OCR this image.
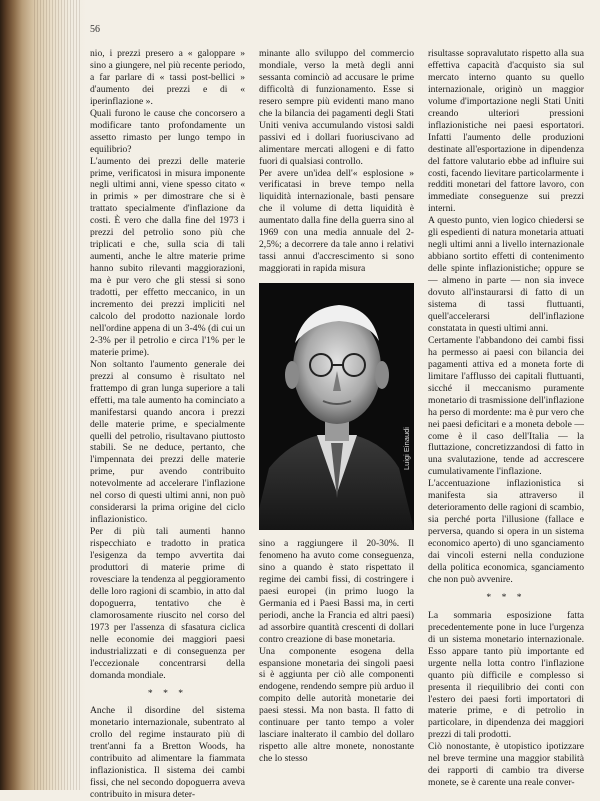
56

nio, i prezzi presero a « galoppare » sino a giungere, nel più recente periodo, a far parlare di « tassi post-bellici » d'aumento dei prezzi e di « iperinflazione ».

Quali furono le cause che concorsero a modificare tanto profondamente un assetto rimasto per lungo tempo in equilibrio?

L'aumento dei prezzi delle materie prime, verificatosi in misura imponente negli ultimi anni, viene spesso citato « in primis » per dimostrare che si è trattato specialmente d'inflazione da costi. È vero che dalla fine del 1973 i prezzi del petrolio sono più che triplicati e che, sulla scia di tali aumenti, anche le altre materie prime hanno subito rilevanti maggiorazioni, ma è pur vero che gli stessi si sono tradotti, per effetto meccanico, in un incremento dei prezzi impliciti nel calcolo del prodotto nazionale lordo nell'ordine appena di un 3-4% (di cui un 2-3% per il petrolio e circa l'1% per le materie prime).

Non soltanto l'aumento generale dei prezzi al consumo è risultato nel frattempo di gran lunga superiore a tali effetti, ma tale aumento ha cominciato a manifestarsi quando ancora i prezzi delle materie prime, e specialmente quelli del petrolio, risultavano piuttosto stabili. Se ne deduce, pertanto, che l'impennata dei prezzi delle materie prime, pur avendo contribuito notevolmente ad accelerare l'inflazione nel corso di questi ultimi anni, non può considerarsi la prima origine del ciclo inflazionistico.

Per di più tali aumenti hanno rispecchiato e tradotto in pratica l'esigenza da tempo avvertita dai produttori di materie prime di rovesciare la tendenza al peggioramento delle loro ragioni di scambio, in atto dal dopoguerra, tentativo che è clamorosamente riuscito nel corso del 1973 per l'assenza di sfasatura ciclica nelle economie dei maggiori paesi industrializzati e di conseguenza per l'eccezionale concentrarsi della domanda mondiale.

* * *

Anche il disordine del sistema monetario internazionale, subentrato al crollo del regime instaurato più di trent'anni fa a Bretton Woods, ha contribuito ad alimentare la fiammata inflazionistica. Il sistema dei cambi fissi, che nel secondo dopoguerra aveva contribuito in misura deter-

minante allo sviluppo del commercio mondiale, verso la metà degli anni sessanta cominciò ad accusare le prime difficoltà di funzionamento. Esse si resero sempre più evidenti mano mano che la bilancia dei pagamenti degli Stati Uniti veniva accumulando vistosi saldi passivi ed i dollari fuoriuscivano ad alimentare mercati allogeni e di fatto fuori di qualsiasi controllo.

Per avere un'idea dell'« esplosione » verificatasi in breve tempo nella liquidità internazionale, basti pensare che il volume di detta liquidità è aumentato dalla fine della guerra sino al 1969 con una media annuale del 2-2,5%; a decorrere da tale anno i relativi tassi annui d'accrescimento si sono maggiorati in rapida misura

Luigi Einaudi

sino a raggiungere il 20-30%. Il fenomeno ha avuto come conseguenza, sino a quando è stato rispettato il regime dei cambi fissi, di costringere i paesi europei (in primo luogo la Germania ed i Paesi Bassi ma, in certi periodi, anche la Francia ed altri paesi) ad assorbire quantità crescenti di dollari contro creazione di base monetaria.

Una componente esogena della espansione monetaria dei singoli paesi si è aggiunta per ciò alle componenti endogene, rendendo sempre più arduo il compito delle autorità monetarie dei paesi stessi. Ma non basta. Il fatto di continuare per tanto tempo a voler lasciare inalterato il cambio del dollaro rispetto alle altre monete, nonostante che lo stesso

risultasse sopravalutato rispetto alla sua effettiva capacità d'acquisto sia sul mercato interno quanto su quello internazionale, originò un maggior volume d'importazione negli Stati Uniti creando ulteriori pressioni inflazionistiche nei paesi esportatori. Infatti l'aumento delle produzioni destinate all'esportazione in dipendenza del fattore valutario ebbe ad influire sui costi, facendo lievitare particolarmente i redditi monetari del fattore lavoro, con immediate conseguenze sui prezzi interni.

A questo punto, vien logico chiedersi se gli espedienti di natura monetaria attuati negli ultimi anni a livello internazionale abbiano sortito effetti di contenimento delle spinte inflazionistiche; oppure se — almeno in parte — non sia invece dovuto all'instaurarsi di fatto di un sistema di tassi fluttuanti, quell'accelerarsi dell'inflazione constatata in questi ultimi anni.

Certamente l'abbandono dei cambi fissi ha permesso ai paesi con bilancia dei pagamenti attiva ed a moneta forte di limitare l'afflusso dei capitali fluttuanti, sicché il meccanismo puramente monetario di trasmissione dell'inflazione ha perso di mordente: ma è pur vero che nei paesi deficitari e a moneta debole — come è il caso dell'Italia — la fluttazione, concretizzandosi di fatto in una svalutazione, tende ad accrescere cumulativamente l'inflazione.

L'accentuazione inflazionistica si manifesta sia attraverso il deterioramento delle ragioni di scambio, sia perché porta l'illusione (fallace e perversa, quando si opera in un sistema economico aperto) di uno sganciamento dai vincoli esterni nella conduzione della politica economica, sganciamento che non può avvenire.

* * *

La sommaria esposizione fatta precedentemente pone in luce l'urgenza di un sistema monetario internazionale. Esso appare tanto più importante ed urgente nella lotta contro l'inflazione quanto più difficile e complesso si presenta il riequilibrio dei conti con l'estero dei paesi forti importatori di materie prime, e di petrolio in particolare, in dipendenza dei maggiori prezzi di tali prodotti.

Ciò nonostante, è utopistico ipotizzare nel breve termine una maggior stabilità dei rapporti di cambio tra diverse monete, se è carente una reale conver-
